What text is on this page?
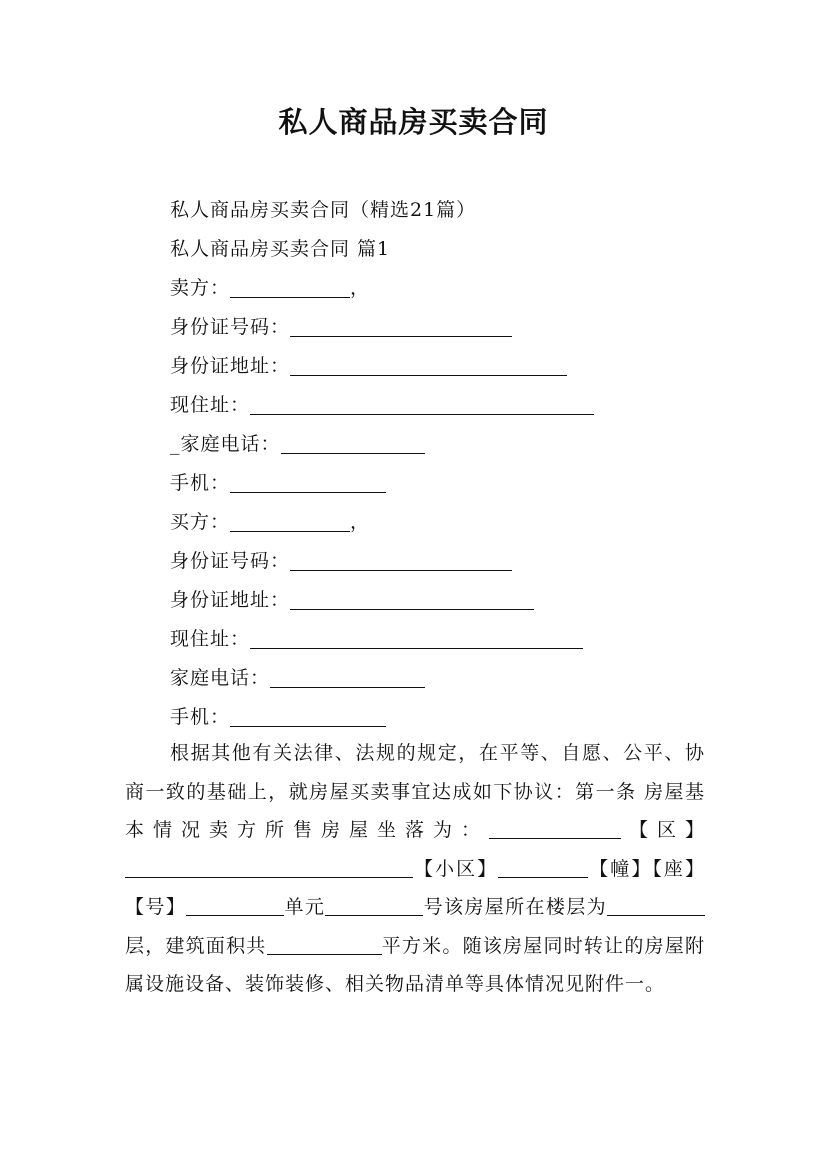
私人商品房买卖合同
私人商品房买卖合同（精选21篇）
私人商品房买卖合同 篇1
卖方：	，
身份证号码：
身份证地址：
现住址：
_家庭电话：
手机：
买方：	，
身份证号码：
身份证地址：
现住址：
家庭电话：
手机：
根据其他有关法律、法规的规定，在平等、自愿、公平、协商一致的基础上，就房屋买卖事宜达成如下协议：第一条 房屋基本情况卖方所售房屋坐落为：	【区】【小区】	【幢】【座】【号】	单元	号该房屋所在楼层为层，建筑面积共	平方米。随该房屋同时转让的房屋附属设施设备、装饰装修、相关物品清单等具体情况见附件一。
